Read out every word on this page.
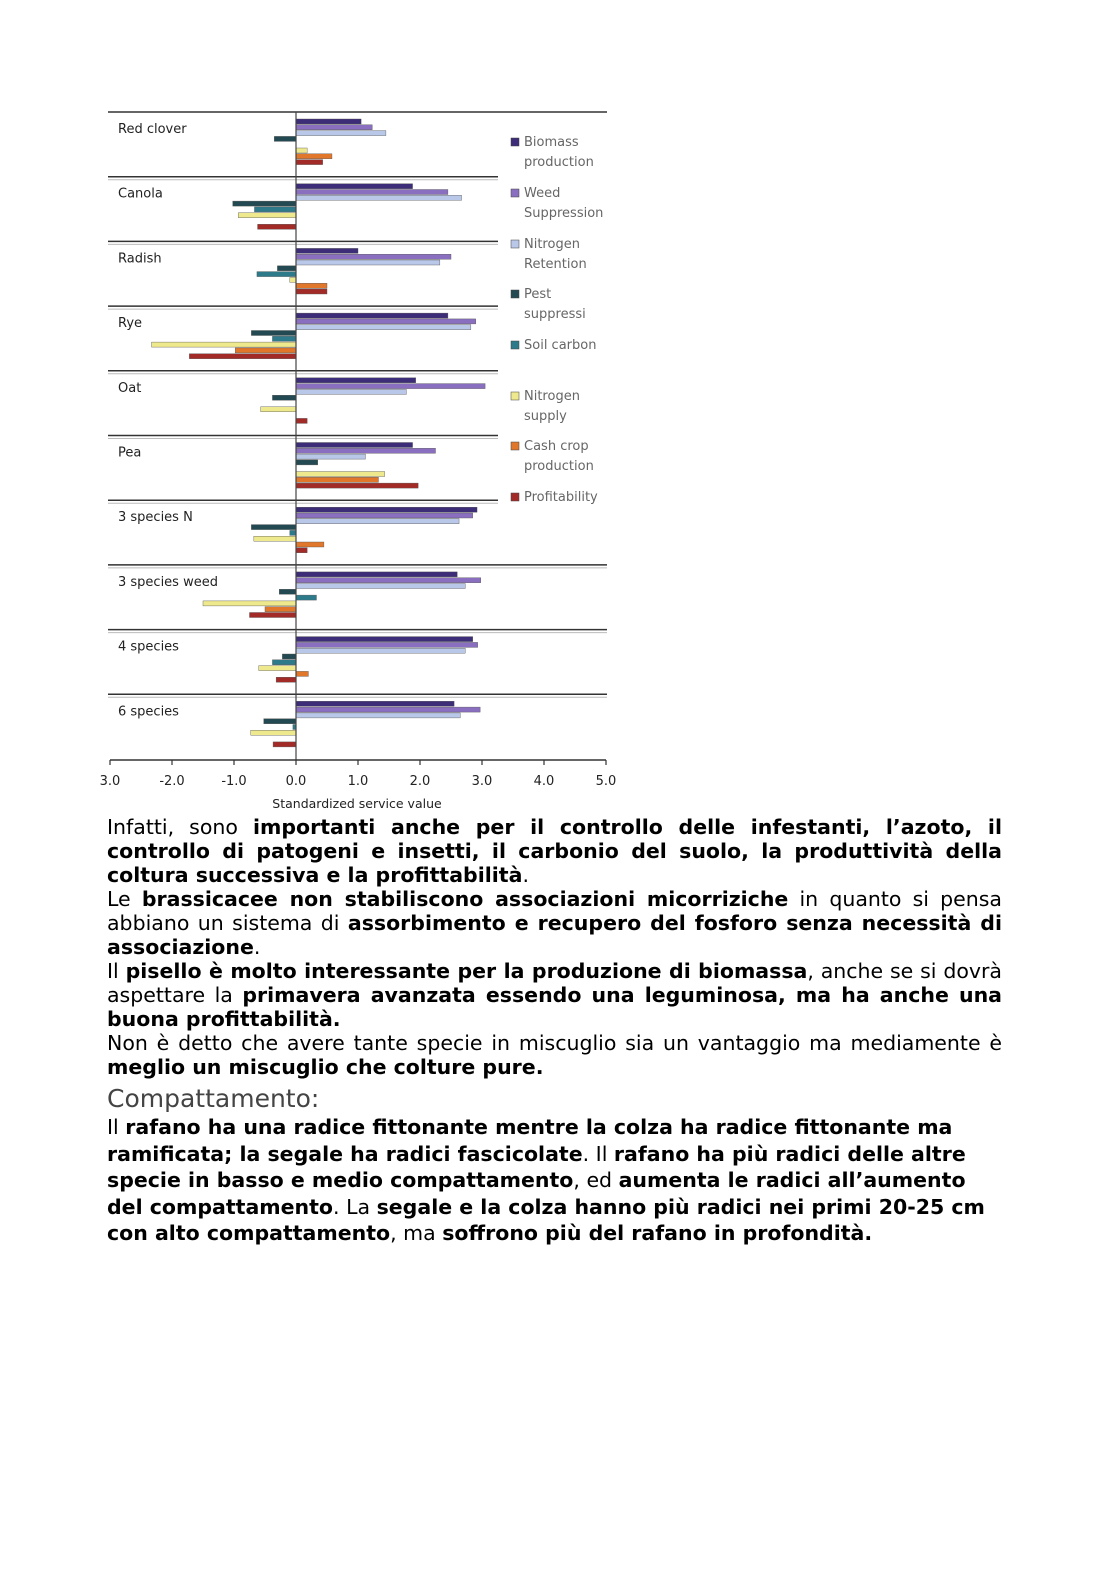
Red clover
Canola
Radish
Rye
Oat
Pea
3 species N
3 species weed
4 species
6 species
3.0	-2.0	-1.0	0.0	1.0	2.0	3.0	4.0	5.0
Standardized service value
Biomass
production
Weed
Suppression
Nitrogen
Retention
Pest
suppressi
Soil carbon
Nitrogen
supply
Cash crop
production
Profitability

Infatti, sono importanti anche per il controllo delle infestanti, l’azoto, il controllo di patogeni e insetti, il carbonio del suolo, la produttività della coltura successiva e la profittabilità.

Le brassicacee non stabiliscono associazioni micorriziche in quanto si pensa abbiano un sistema di assorbimento e recupero del fosforo senza necessità di associazione.

Il pisello è molto interessante per la produzione di biomassa, anche se si dovrà aspettare la primavera avanzata essendo una leguminosa, ma ha anche una buona profittabilità.

Non è detto che avere tante specie in miscuglio sia un vantaggio ma mediamente è meglio un miscuglio che colture pure.

Compattamento:

Il rafano ha una radice fittonante mentre la colza ha radice fittonante ma ramificata; la segale ha radici fascicolate. Il rafano ha più radici delle altre specie in basso e medio compattamento, ed aumenta le radici all’aumento del compattamento. La segale e la colza hanno più radici nei primi 20-25 cm con alto compattamento, ma soffrono più del rafano in profondità.
